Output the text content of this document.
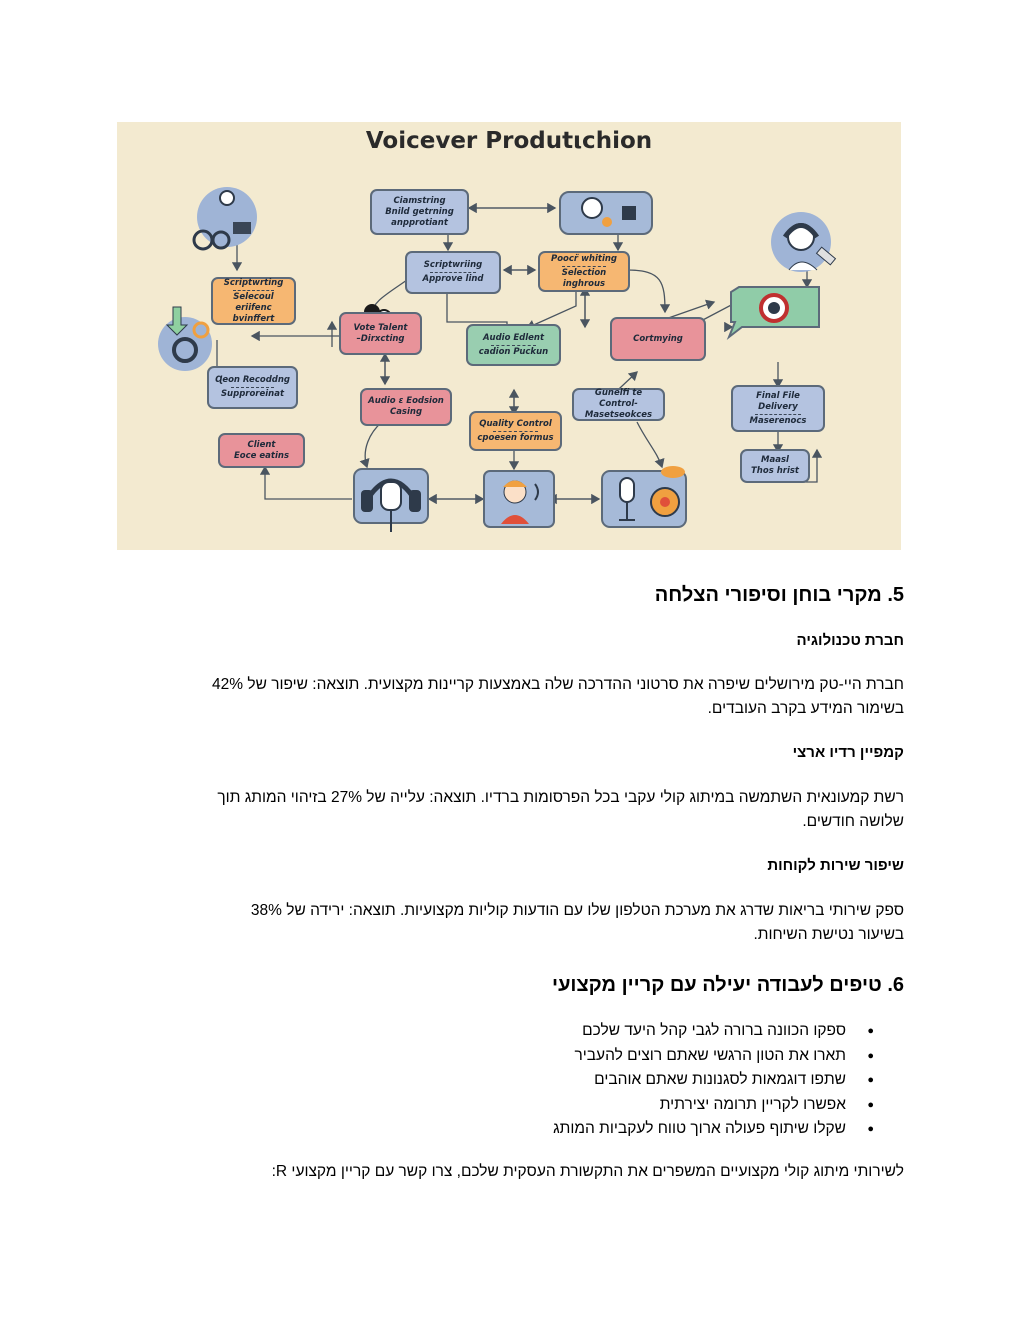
Voicever Produtιchion
Ciamstring
Bnild getrning
anpprotiant
Scriptwriing
Approve lind
Poocr̈ whiting
Selection inghrous
Scriptwrting
Selecoul eriifenc
bvinffert
Vote Talent
–Dirxcting	Audio Edlent
cadion Puckun
Cortmying
Ɋeon Recoddng
Supproreinat
Audio ε Eodsion
Casing
Gunelfi te Control-
Masetseokces
Final File Delivery
Maserenocs
Quality Control
cpoesen formus
Client
Eoce eatins	Maasl
Thos hrist
5. מקרי בוחן וסיפורי הצלחה
חברת טכנולוגיה

חברת היי-טק מירושלים שיפרה את סרטוני ההדרכה שלה באמצעות קריינות מקצועית. תוצאה: שיפור של 42%

בשימור המידע בקרב העובדים.

קמפיין רדיו ארצי

רשת קמעונאית השתמשה במיתוג קולי עקבי בכל הפרסומות ברדיו. תוצאה: עלייה של 27% בזיהוי המותג תוך

שלושה חודשים.

שיפור שירות לקוחות

ספק שירותי בריאות שדרג את מערכת הטלפון שלו עם הודעות קוליות מקצועיות. תוצאה: ירידה של 38%

בשיעור נטישת השיחות.

6. טיפים לעבודה יעילה עם קריין מקצועי
● ספקו הכוונה ברורה לגבי קהל היעד שלכם
● תארו את הטון הרגשי שאתם רוצים להעביר
● שתפו דוגמאות לסגנונות שאתם אוהבים
● אפשרו לקריין תרומה יצירתית
● שקלו שיתוף פעולה ארוך טווח לעקביות המותג

לשירותי מיתוג קולי מקצועיים המשפרים את התקשורת העסקית שלכם, צרו קשר עם קריין מקצועי R:
